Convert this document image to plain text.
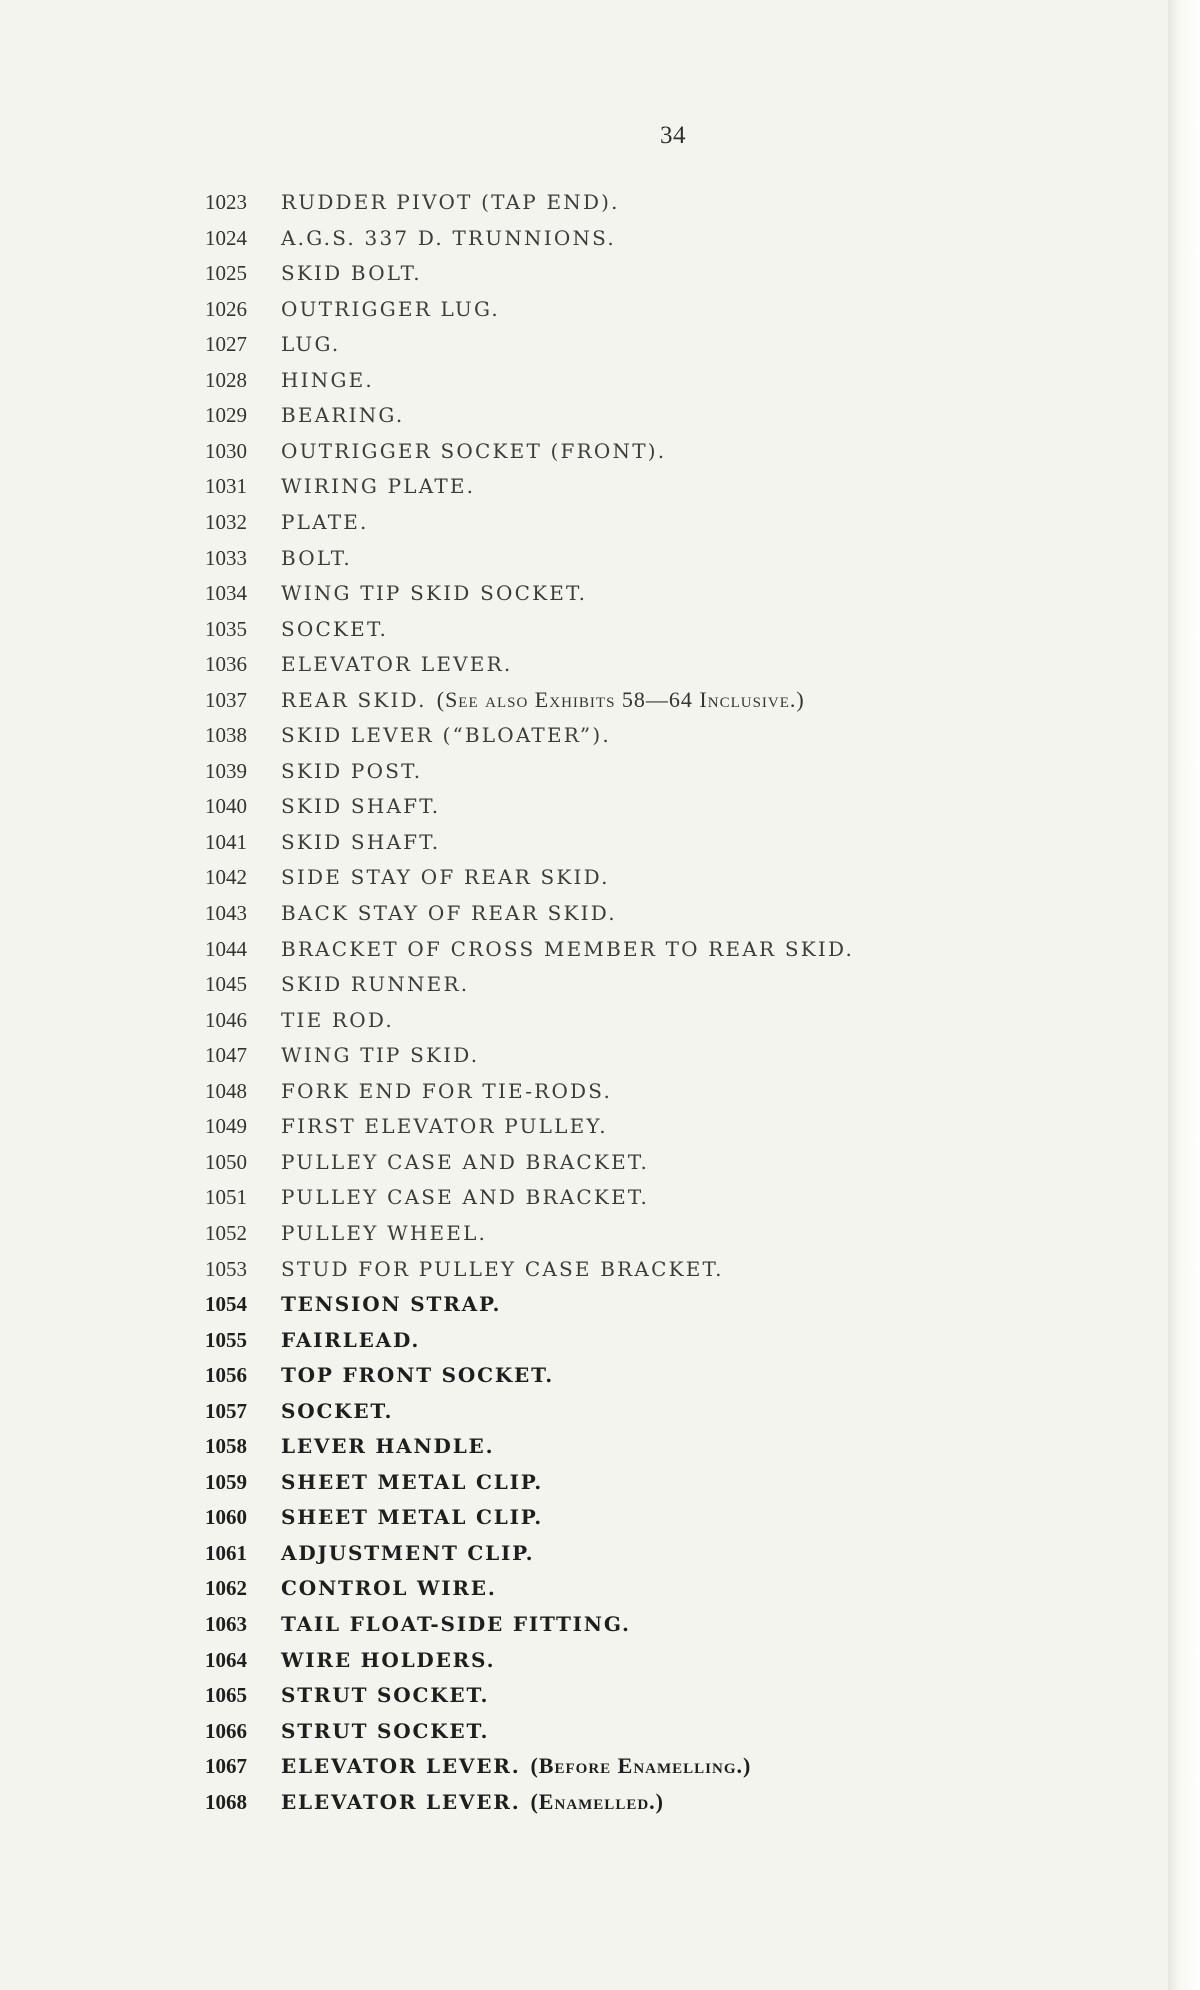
34
1023	RUDDER PIVOT (TAP END).
1024	A.G.S. 337 D. TRUNNIONS.
1025	SKID BOLT.
1026	OUTRIGGER LUG.
1027	LUG.
1028	HINGE.
1029	BEARING.
1030	OUTRIGGER SOCKET (FRONT).
1031	WIRING PLATE.
1032	PLATE.
1033	BOLT.
1034	WING TIP SKID SOCKET.
1035	SOCKET.
1036	ELEVATOR LEVER.
1037	REAR SKID. (See also Exhibits 58—64 Inclusive.)
1038	SKID LEVER (“BLOATER”).
1039	SKID POST.
1040	SKID SHAFT.
1041	SKID SHAFT.
1042	SIDE STAY OF REAR SKID.
1043	BACK STAY OF REAR SKID.
1044	BRACKET OF CROSS MEMBER TO REAR SKID.
1045	SKID RUNNER.
1046	TIE ROD.
1047	WING TIP SKID.
1048	FORK END FOR TIE-RODS.
1049	FIRST ELEVATOR PULLEY.
1050	PULLEY CASE AND BRACKET.
1051	PULLEY CASE AND BRACKET.
1052	PULLEY WHEEL.
1053	STUD FOR PULLEY CASE BRACKET.
1054	TENSION STRAP.
1055	FAIRLEAD.
1056	TOP FRONT SOCKET.
1057	SOCKET.
1058	LEVER HANDLE.
1059	SHEET METAL CLIP.
1060	SHEET METAL CLIP.
1061	ADJUSTMENT CLIP.
1062	CONTROL WIRE.
1063	TAIL FLOAT-SIDE FITTING.
1064	WIRE HOLDERS.
1065	STRUT SOCKET.
1066	STRUT SOCKET.
1067	ELEVATOR LEVER. (Before Enamelling.)
1068	ELEVATOR LEVER. (Enamelled.)
